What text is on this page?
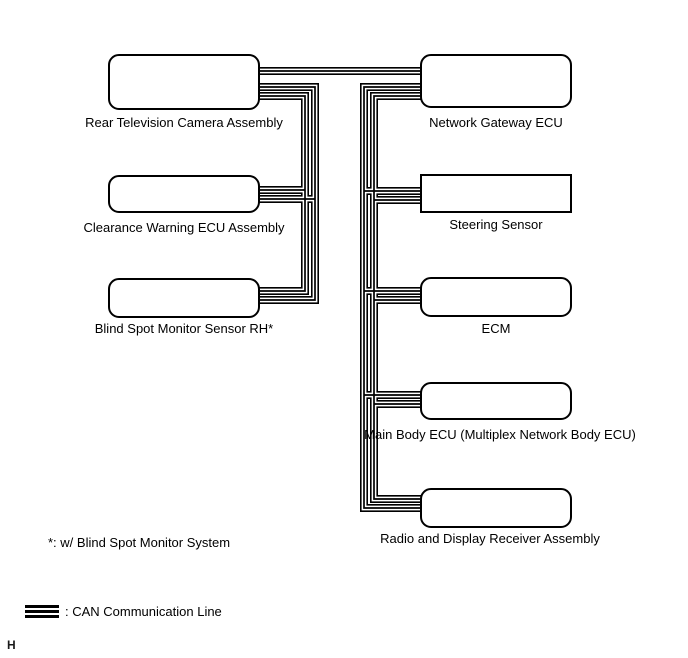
Rear Television Camera Assembly
Clearance Warning ECU Assembly
Blind Spot Monitor Sensor RH*
Network Gateway ECU
Steering Sensor
ECM
Main Body ECU (Multiplex Network Body ECU)
Radio and Display Receiver Assembly
*: w/ Blind Spot Monitor System
: CAN Communication Line
H
